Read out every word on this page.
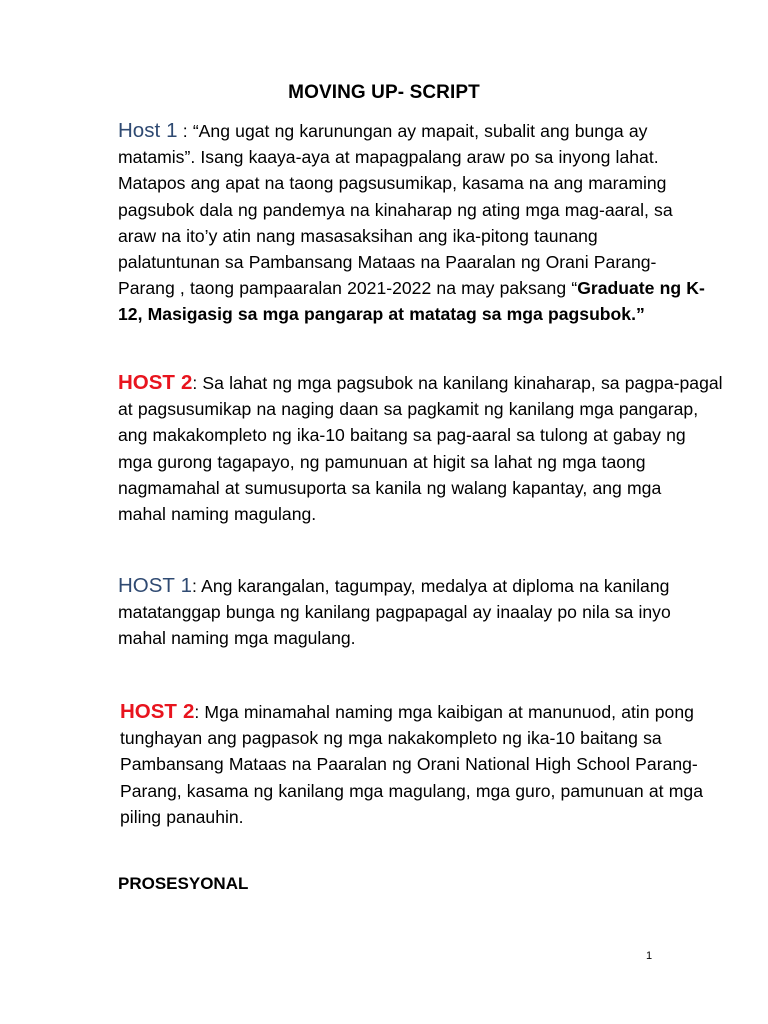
MOVING UP- SCRIPT
Host 1 : “Ang ugat ng karunungan ay mapait, subalit ang bunga ay
matamis”. Isang kaaya-aya at mapagpalang araw po sa inyong lahat.
Matapos ang apat na taong pagsusumikap, kasama na ang maraming
pagsubok dala ng pandemya na kinaharap ng ating mga mag-aaral, sa
araw na ito’y atin nang masasaksihan ang ika-pitong taunang
palatuntunan sa Pambansang Mataas na Paaralan ng Orani Parang-
Parang , taong pampaaralan 2021-2022 na may paksang “Graduate ng K-
12, Masigasig sa mga pangarap at matatag sa mga pagsubok.”
HOST 2: Sa lahat ng mga pagsubok na kanilang kinaharap, sa pagpa-pagal
at pagsusumikap na naging daan sa pagkamit ng kanilang mga pangarap,
ang makakompleto ng ika-10 baitang sa pag-aaral sa tulong at gabay ng
mga gurong tagapayo, ng pamunuan at higit sa lahat ng mga taong
nagmamahal at sumusuporta sa kanila ng walang kapantay, ang mga
mahal naming magulang.
HOST 1: Ang karangalan, tagumpay, medalya at diploma na kanilang
matatanggap bunga ng kanilang pagpapagal ay inaalay po nila sa inyo
mahal naming mga magulang.
HOST 2: Mga minamahal naming mga kaibigan at manunuod, atin pong
tunghayan ang pagpasok ng mga nakakompleto ng ika-10 baitang sa
Pambansang Mataas na Paaralan ng Orani National High School Parang-
Parang, kasama ng kanilang mga magulang, mga guro, pamunuan at mga
piling panauhin.
PROSESYONAL
1
